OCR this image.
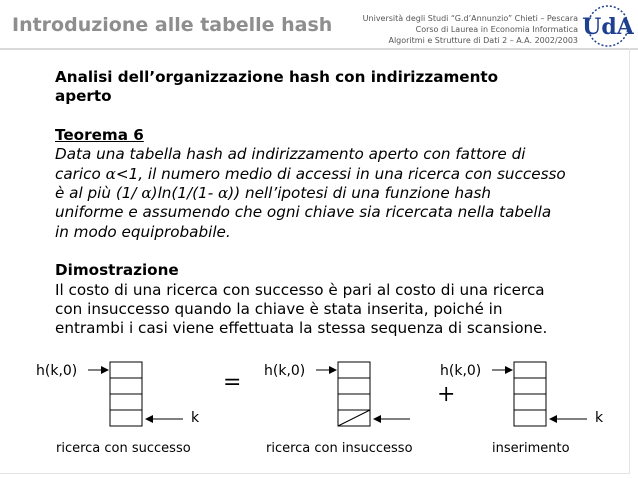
Introduzione alle tabelle hash	Università degli Studi “G.d’Annunzio” Chieti – Pescara
Corso di Laurea in Economia Informatica
Algoritmi e Strutture di Dati 2 – A.A. 2002/2003
UdA
Analisi dell’organizzazione hash con indirizzamento
aperto
Teorema 6
Data una tabella hash ad indirizzamento aperto con fattore di
carico α<1, il numero medio di accessi in una ricerca con successo
è al più (1/ α)ln(1/(1- α)) nell’ipotesi di una funzione hash
uniforme e assumendo che ogni chiave sia ricercata nella tabella
in modo equiprobabile.
Dimostrazione
Il costo di una ricerca con successo è pari al costo di una ricerca
con insuccesso quando la chiave è stata inserita, poiché in
entrambi i casi viene effettuata la stessa sequenza di scansione.
h(k,0)
k
= h(k,0)
+
h(k,0)
k
ricerca con successo	ricerca con insuccesso	inserimento
